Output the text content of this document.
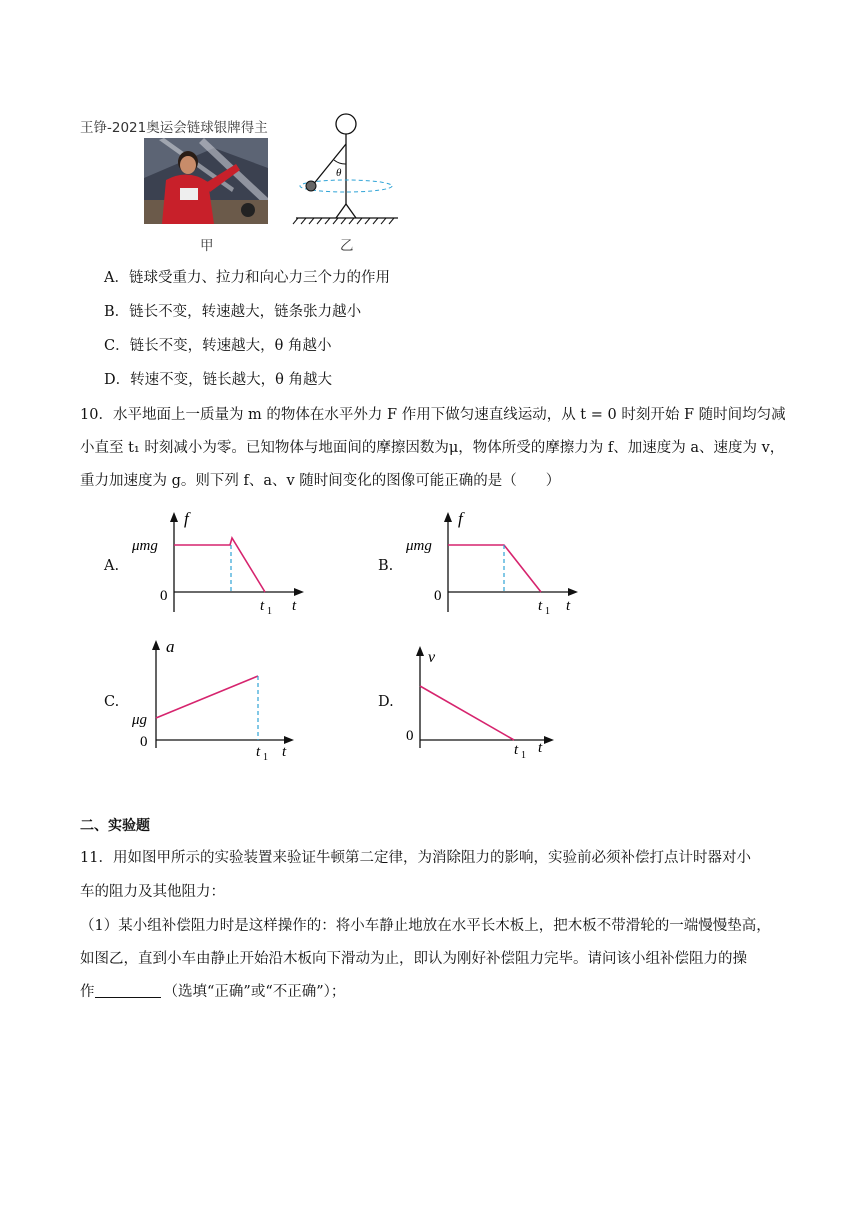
王铮-2021奥运会链球银牌得主
θ
甲	乙
A．链球受重力、拉力和向心力三个力的作用
B．链长不变，转速越大，链条张力越小
C．链长不变，转速越大，θ 角越小
D．转速不变，链长越大，θ 角越大
10．水平地面上一质量为 m 的物体在水平外力 F 作用下做匀速直线运动，从 t = 0 时刻开始 F 随时间均匀减
小直至 t₁ 时刻减小为零。已知物体与地面间的摩擦因数为μ，物体所受的摩擦力为 f、加速度为 a、速度为 v，
重力加速度为 g。则下列 f、a、v 随时间变化的图像可能正确的是（　　）
A.
f
μmg
0
t 1 t
B.
f
μmg
0
t 1 t
C.
a
μg
0
t 1 t
D.
v
0
t 1 t
二、实验题
11．用如图甲所示的实验装置来验证牛顿第二定律，为消除阻力的影响，实验前必须补偿打点计时器对小
车的阻力及其他阻力：
（1）某小组补偿阻力时是这样操作的：将小车静止地放在水平长木板上，把木板不带滑轮的一端慢慢垫高，
如图乙，直到小车由静止开始沿木板向下滑动为止，即认为刚好补偿阻力完毕。请问该小组补偿阻力的操
作	（选填“正确”或“不正确”）；
